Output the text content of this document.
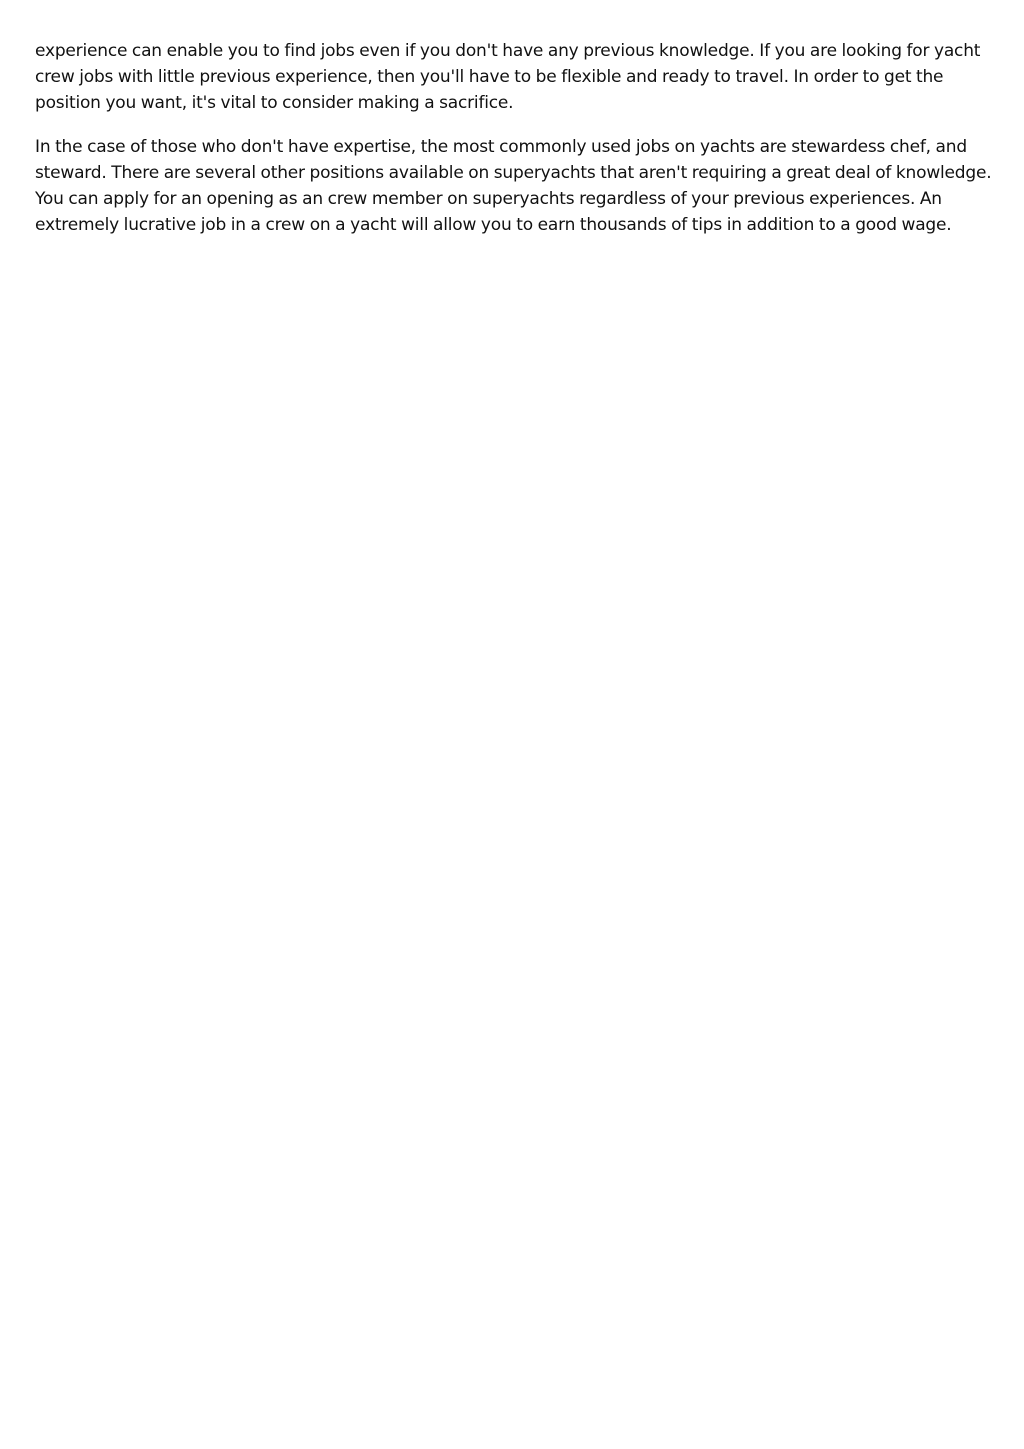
experience can enable you to find jobs even if you don't have any previous knowledge. If you are looking for yacht crew jobs with little previous experience, then you'll have to be flexible and ready to travel. In order to get the position you want, it's vital to consider making a sacrifice.

In the case of those who don't have expertise, the most commonly used jobs on yachts are stewardess chef, and steward. There are several other positions available on superyachts that aren't requiring a great deal of knowledge. You can apply for an opening as an crew member on superyachts regardless of your previous experiences. An extremely lucrative job in a crew on a yacht will allow you to earn thousands of tips in addition to a good wage.
